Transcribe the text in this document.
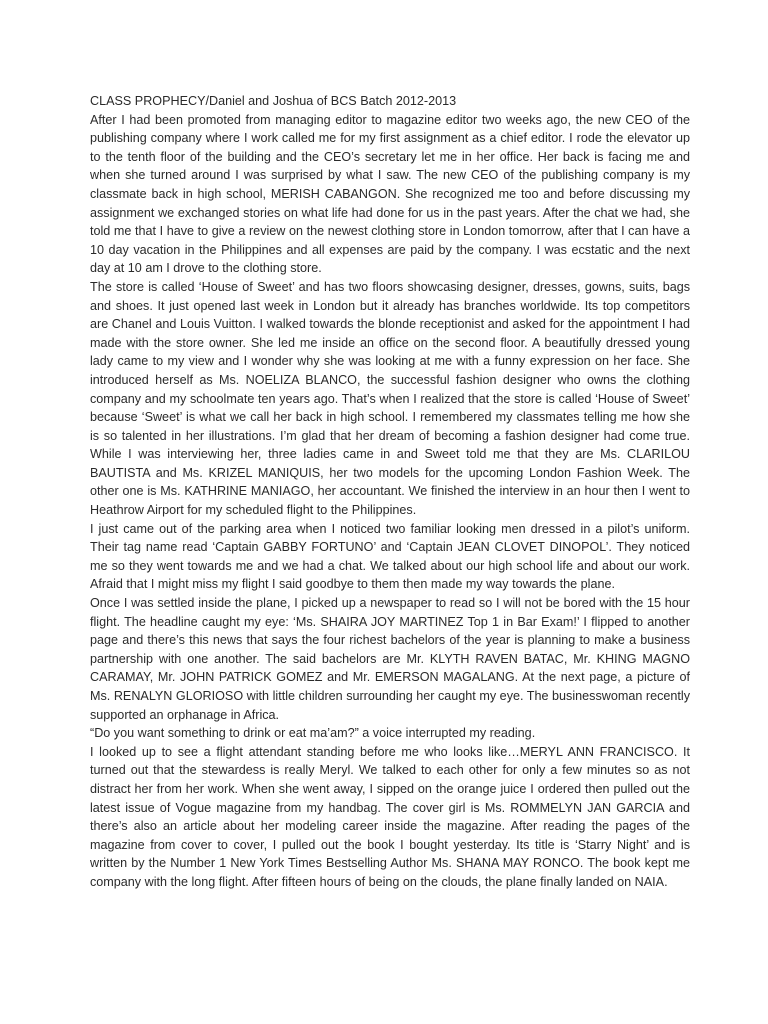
CLASS PROPHECY/Daniel and Joshua of BCS Batch 2012-2013

After I had been promoted from managing editor to magazine editor two weeks ago, the new CEO of the publishing company where I work called me for my first assignment as a chief editor. I rode the elevator up to the tenth floor of the building and the CEO’s secretary let me in her office. Her back is facing me and when she turned around I was surprised by what I saw. The new CEO of the publishing company is my classmate back in high school, MERISH CABANGON. She recognized me too and before discussing my assignment we exchanged stories on what life had done for us in the past years. After the chat we had, she told me that I have to give a review on the newest clothing store in London tomorrow, after that I can have a 10 day vacation in the Philippines and all expenses are paid by the company. I was ecstatic and the next day at 10 am I drove to the clothing store.

The store is called ‘House of Sweet’ and has two floors showcasing designer, dresses, gowns, suits, bags and shoes. It just opened last week in London but it already has branches worldwide. Its top competitors are Chanel and Louis Vuitton. I walked towards the blonde receptionist and asked for the appointment I had made with the store owner. She led me inside an office on the second floor. A beautifully dressed young lady came to my view and I wonder why she was looking at me with a funny expression on her face. She introduced herself as Ms. NOELIZA BLANCO, the successful fashion designer who owns the clothing company and my schoolmate ten years ago. That’s when I realized that the store is called ‘House of Sweet’ because ‘Sweet’ is what we call her back in high school. I remembered my classmates telling me how she is so talented in her illustrations. I’m glad that her dream of becoming a fashion designer had come true. While I was interviewing her, three ladies came in and Sweet told me that they are Ms. CLARILOU BAUTISTA and Ms. KRIZEL MANIQUIS, her two models for the upcoming London Fashion Week. The other one is Ms. KATHRINE MANIAGO, her accountant. We finished the interview in an hour then I went to Heathrow Airport for my scheduled flight to the Philippines.

I just came out of the parking area when I noticed two familiar looking men dressed in a pilot’s uniform. Their tag name read ‘Captain GABBY FORTUNO’ and ‘Captain JEAN CLOVET DINOPOL’. They noticed me so they went towards me and we had a chat. We talked about our high school life and about our work. Afraid that I might miss my flight I said goodbye to them then made my way towards the plane.

Once I was settled inside the plane, I picked up a newspaper to read so I will not be bored with the 15 hour flight. The headline caught my eye: ‘Ms. SHAIRA JOY MARTINEZ Top 1 in Bar Exam!’ I flipped to another page and there’s this news that says the four richest bachelors of the year is planning to make a business partnership with one another. The said bachelors are Mr. KLYTH RAVEN BATAC, Mr. KHING MAGNO CARAMAY, Mr. JOHN PATRICK GOMEZ and Mr. EMERSON MAGALANG. At the next page, a picture of Ms. RENALYN GLORIOSO with little children surrounding her caught my eye. The businesswoman recently supported an orphanage in Africa.

“Do you want something to drink or eat ma’am?” a voice interrupted my reading.

I looked up to see a flight attendant standing before me who looks like…MERYL ANN FRANCISCO. It turned out that the stewardess is really Meryl. We talked to each other for only a few minutes so as not distract her from her work. When she went away, I sipped on the orange juice I ordered then pulled out the latest issue of Vogue magazine from my handbag. The cover girl is Ms. ROMMELYN JAN GARCIA and there’s also an article about her modeling career inside the magazine. After reading the pages of the magazine from cover to cover, I pulled out the book I bought yesterday. Its title is ‘Starry Night’ and is written by the Number 1 New York Times Bestselling Author Ms. SHANA MAY RONCO. The book kept me company with the long flight. After fifteen hours of being on the clouds, the plane finally landed on NAIA.
